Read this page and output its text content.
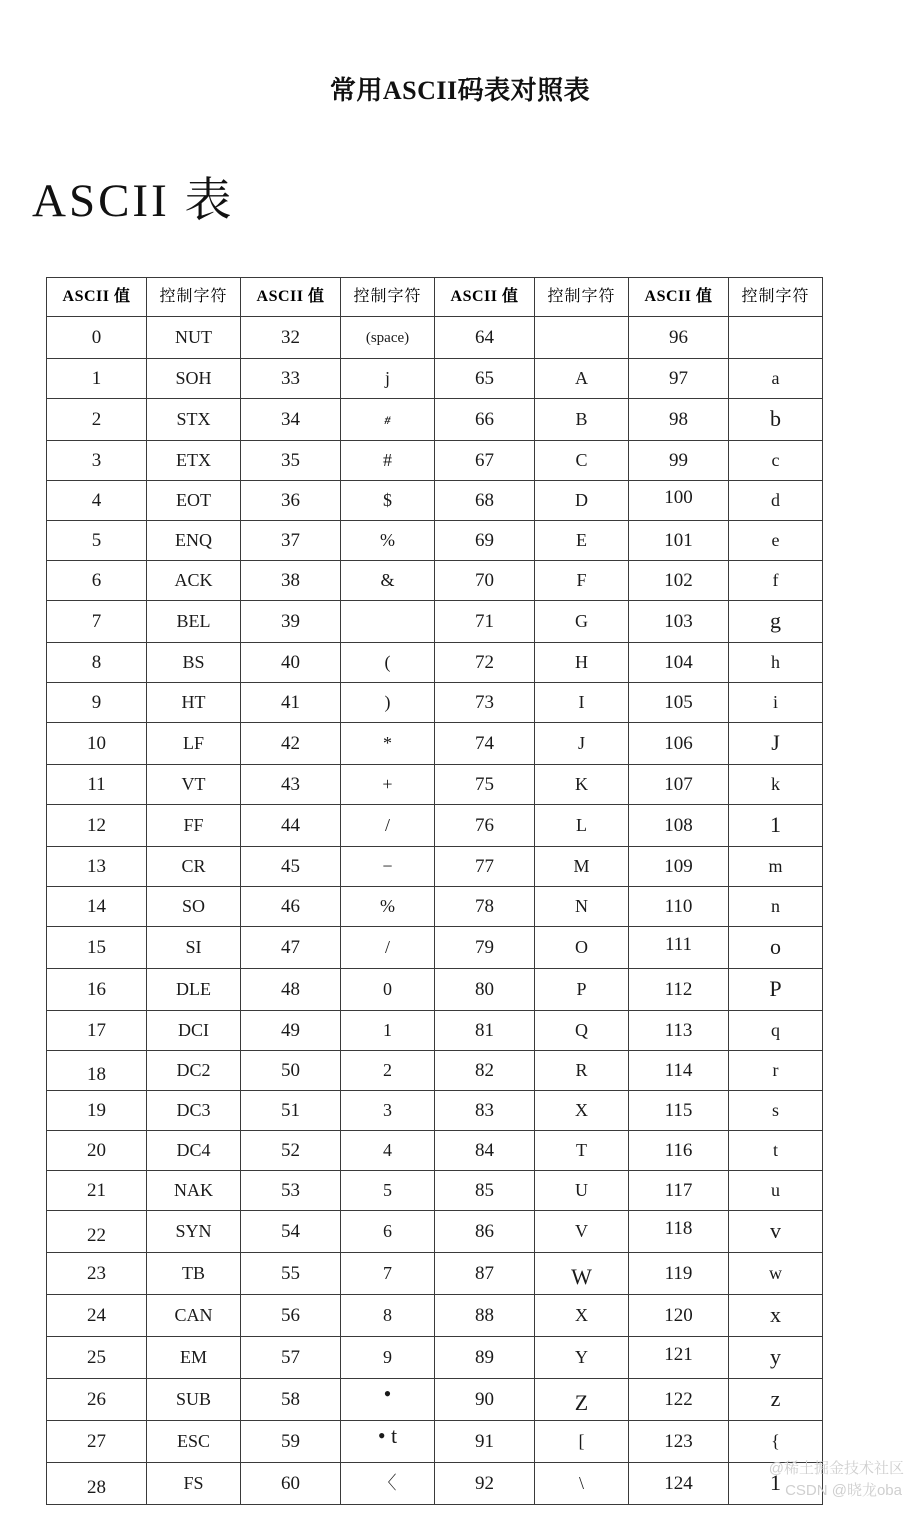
常用ASCII码表对照表
ASCII 表
ASCII 值	控制字符	ASCII 值	控制字符	ASCII 值	控制字符	ASCII 值	控制字符
0	NUT	32	(space)	64		96	
1	SOH	33	j	65	A	97	a
2	STX	34	#	66	B	98	b
3	ETX	35	#	67	C	99	c
4	EOT	36	$	68	D	100	d
5	ENQ	37	%	69	E	101	e
6	ACK	38	&	70	F	102	f
7	BEL	39		71	G	103	g
8	BS	40	(	72	H	104	h
9	HT	41	)	73	I	105	i
10	LF	42	*	74	J	106	J
11	VT	43	+	75	K	107	k
12	FF	44	/	76	L	108	1
13	CR	45	−	77	M	109	m
14	SO	46	%	78	N	110	n
15	SI	47	/	79	O	111	o
16	DLE	48	0	80	P	112	P
17	DCI	49	1	81	Q	113	q
18	DC2	50	2	82	R	114	r
19	DC3	51	3	83	X	115	s
20	DC4	52	4	84	T	116	t
21	NAK	53	5	85	U	117	u
22	SYN	54	6	86	V	118	v
23	TB	55	7	87	W	119	w
24	CAN	56	8	88	X	120	x
25	EM	57	9	89	Y	121	y
26	SUB	58	•	90	Z	122	z
27	ESC	59	• t	91	[	123	{
28	FS	60	〈	92	\	124	1
@稀土掘金技术社区
CSDN @晓龙oba
